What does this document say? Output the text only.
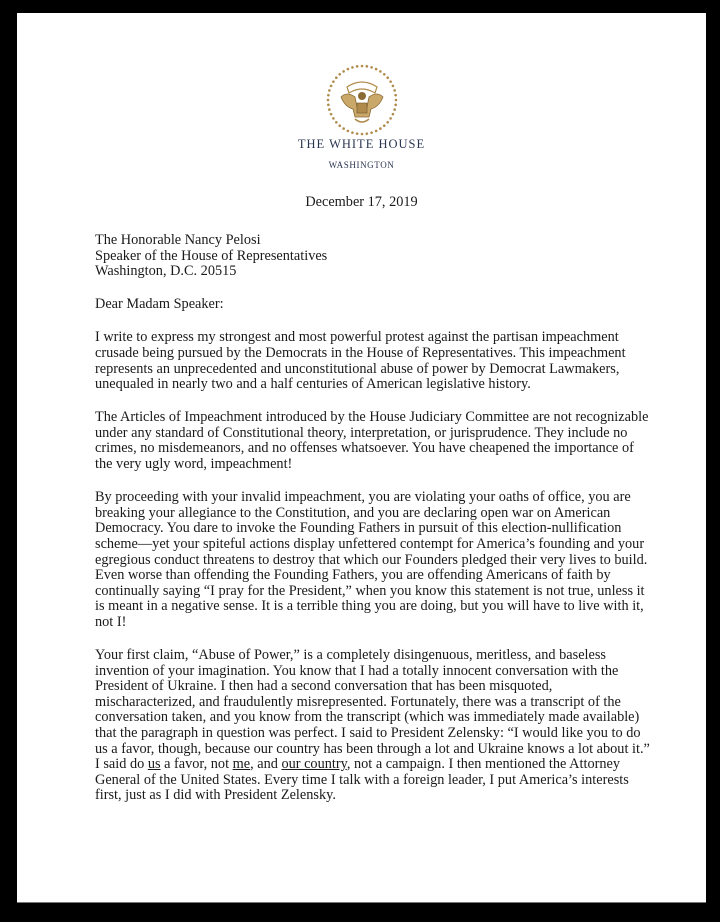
THE WHITE HOUSE
WASHINGTON
December 17, 2019
The Honorable Nancy Pelosi
Speaker of the House of Representatives
Washington, D.C. 20515
Dear Madam Speaker:
I write to express my strongest and most powerful protest against the partisan impeachment
crusade being pursued by the Democrats in the House of Representatives. This impeachment
represents an unprecedented and unconstitutional abuse of power by Democrat Lawmakers,
unequaled in nearly two and a half centuries of American legislative history.
The Articles of Impeachment introduced by the House Judiciary Committee are not recognizable
under any standard of Constitutional theory, interpretation, or jurisprudence. They include no
crimes, no misdemeanors, and no offenses whatsoever. You have cheapened the importance of
the very ugly word, impeachment!
By proceeding with your invalid impeachment, you are violating your oaths of office, you are
breaking your allegiance to the Constitution, and you are declaring open war on American
Democracy. You dare to invoke the Founding Fathers in pursuit of this election-nullification
scheme—yet your spiteful actions display unfettered contempt for America’s founding and your
egregious conduct threatens to destroy that which our Founders pledged their very lives to build.
Even worse than offending the Founding Fathers, you are offending Americans of faith by
continually saying “I pray for the President,” when you know this statement is not true, unless it
is meant in a negative sense. It is a terrible thing you are doing, but you will have to live with it,
not I!
Your first claim, “Abuse of Power,” is a completely disingenuous, meritless, and baseless
invention of your imagination. You know that I had a totally innocent conversation with the
President of Ukraine. I then had a second conversation that has been misquoted,
mischaracterized, and fraudulently misrepresented. Fortunately, there was a transcript of the
conversation taken, and you know from the transcript (which was immediately made available)
that the paragraph in question was perfect. I said to President Zelensky: “I would like you to do
us a favor, though, because our country has been through a lot and Ukraine knows a lot about it.”
I said do us a favor, not me, and our country, not a campaign. I then mentioned the Attorney
General of the United States. Every time I talk with a foreign leader, I put America’s interests
first, just as I did with President Zelensky.
